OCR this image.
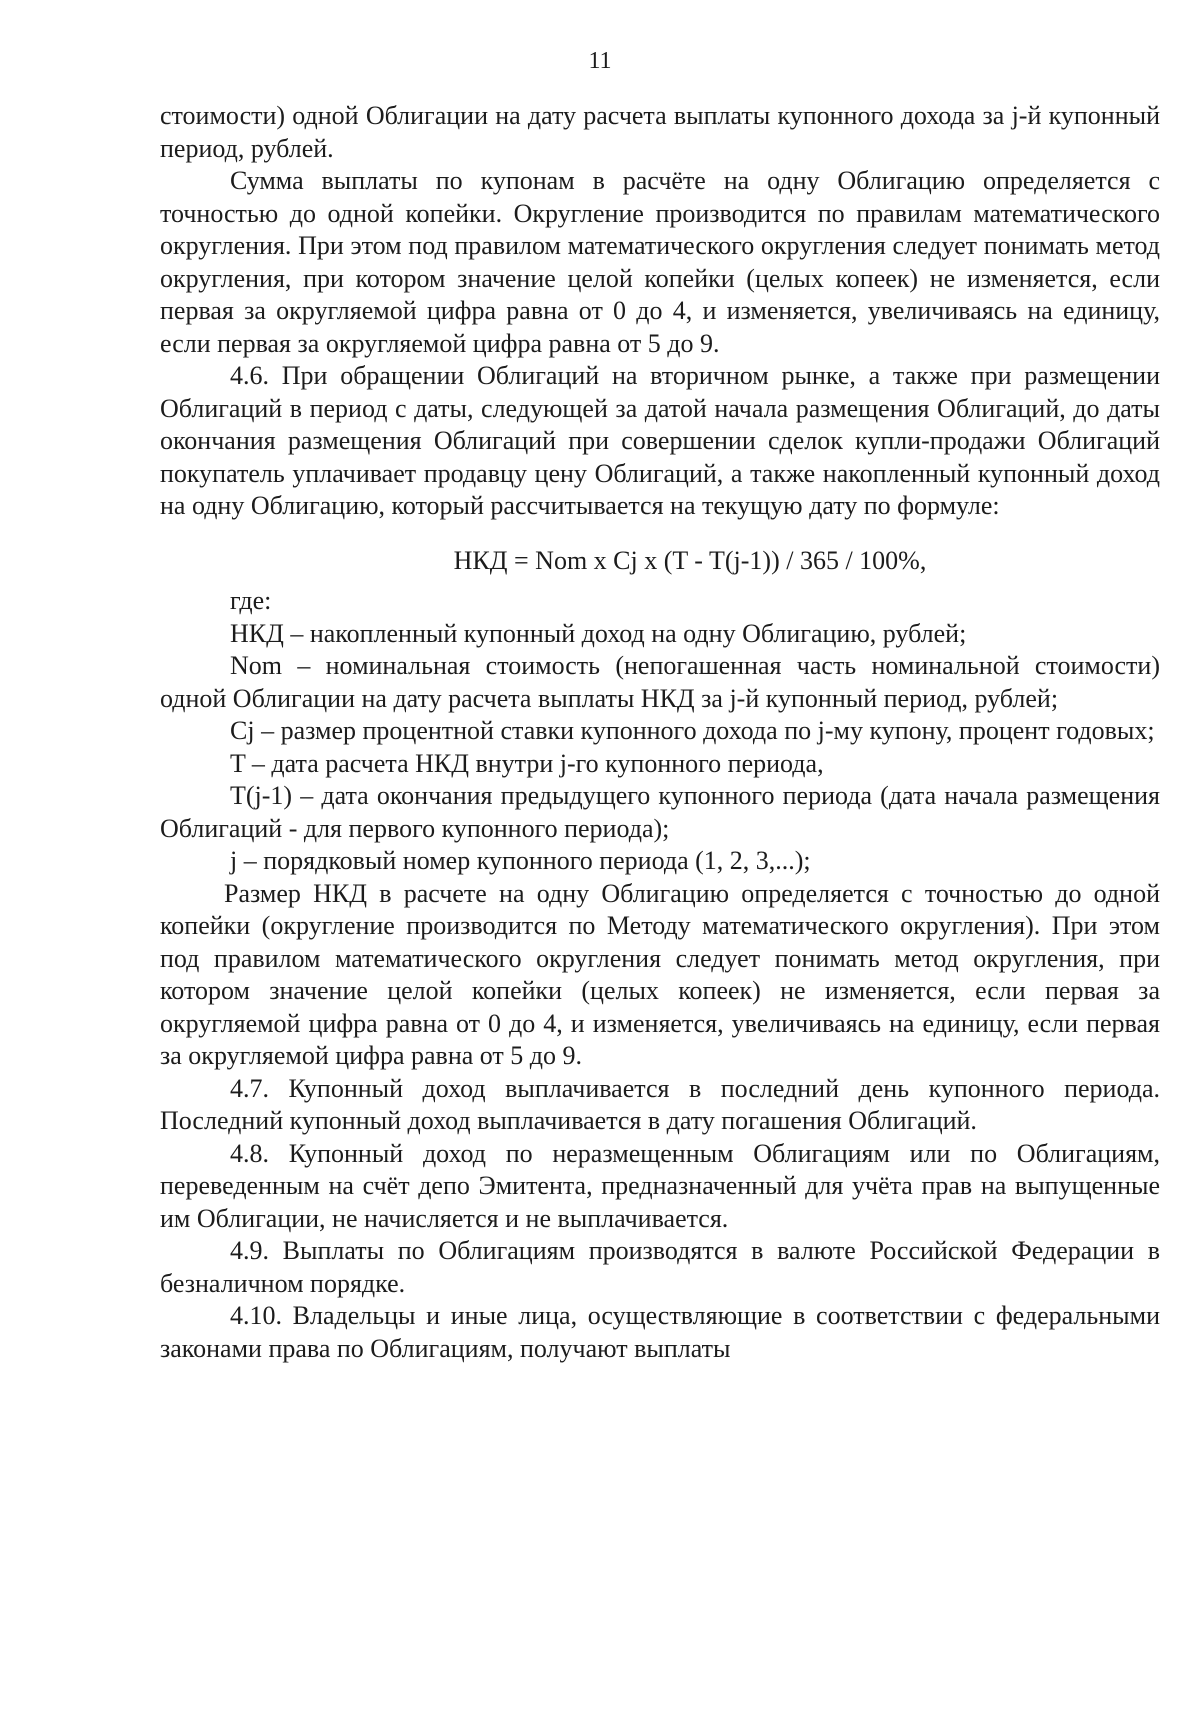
11

стоимости) одной Облигации на дату расчета выплаты купонного дохода за j-й купонный период, рублей.

Сумма выплаты по купонам в расчёте на одну Облигацию определяется с точностью до одной копейки. Округление производится по правилам математического округления. При этом под правилом математического округления следует понимать метод округления, при котором значение целой копейки (целых копеек) не изменяется, если первая за округляемой цифра равна от 0 до 4, и изменяется, увеличиваясь на единицу, если первая за округляемой цифра равна от 5 до 9.

4.6. При обращении Облигаций на вторичном рынке, а также при размещении Облигаций в период с даты, следующей за датой начала размещения Облигаций, до даты окончания размещения Облигаций при совершении сделок купли-продажи Облигаций покупатель уплачивает продавцу цену Облигаций, а также накопленный купонный доход на одну Облигацию, который рассчитывается на текущую дату по формуле:

НКД = Nom x Cj x (T - T(j-1)) / 365 / 100%,

где:

НКД – накопленный купонный доход на одну Облигацию, рублей;

Nom – номинальная стоимость (непогашенная часть номинальной стоимости) одной Облигации на дату расчета выплаты НКД за j-й купонный период, рублей;

Cj – размер процентной ставки купонного дохода по j-му купону, процент годовых;

T – дата расчета НКД внутри j-го купонного периода,

T(j-1) – дата окончания предыдущего купонного периода (дата начала размещения Облигаций - для первого купонного периода);

j – порядковый номер купонного периода (1, 2, 3,...);

Размер НКД в расчете на одну Облигацию определяется с точностью до одной копейки (округление производится по Методу математического округления). При этом под правилом математического округления следует понимать метод округления, при котором значение целой копейки (целых копеек) не изменяется, если первая за округляемой цифра равна от 0 до 4, и изменяется, увеличиваясь на единицу, если первая за округляемой цифра равна от 5 до 9.

4.7. Купонный доход выплачивается в последний день купонного периода. Последний купонный доход выплачивается в дату погашения Облигаций.

4.8. Купонный доход по неразмещенным Облигациям или по Облигациям, переведенным на счёт депо Эмитента, предназначенный для учёта прав на выпущенные им Облигации, не начисляется и не выплачивается.

4.9. Выплаты по Облигациям производятся в валюте Российской Федерации в безналичном порядке.

4.10. Владельцы и иные лица, осуществляющие в соответствии с федеральными законами права по Облигациям, получают выплаты
